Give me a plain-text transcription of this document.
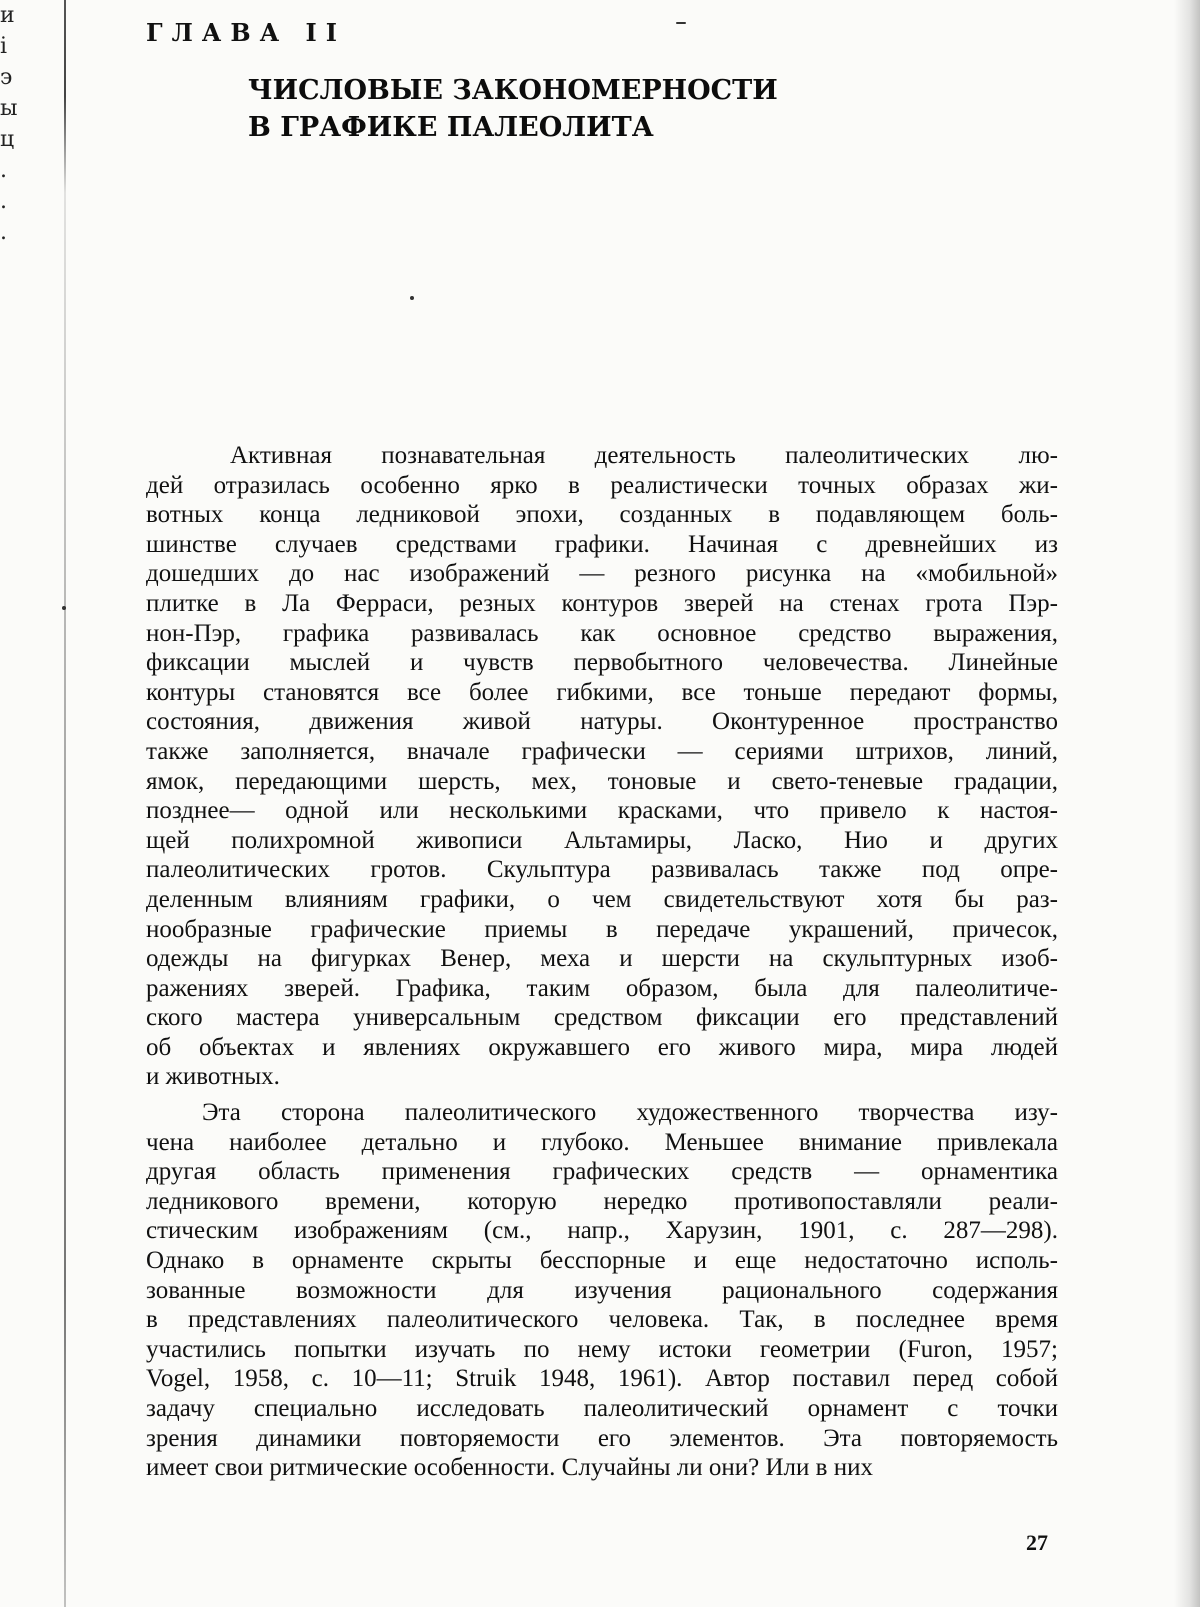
и
і
э
ы
ц
.
.
.
ГЛАВА II
ЧИСЛОВЫЕ ЗАКОНОМЕРНОСТИ
В ГРАФИКЕ ПАЛЕОЛИТА
Активная познавательная деятельность палеолитических лю-
дей отразилась особенно ярко в реалистически точных образах жи-
вотных конца ледниковой эпохи, созданных в подавляющем боль-
шинстве случаев средствами графики. Начиная с древнейших из
дошедших до нас изображений — резного рисунка на «мобильной»
плитке в Ла Ферраси, резных контуров зверей на стенах грота Пэр-
нон-Пэр, графика развивалась как основное средство выражения,
фиксации мыслей и чувств первобытного человечества. Линейные
контуры становятся все более гибкими, все тоньше передают формы,
состояния, движения живой натуры. Оконтуренное пространство
также заполняется, вначале графически — сериями штрихов, линий,
ямок, передающими шерсть, мех, тоновые и свето-теневые градации,
позднее— одной или несколькими красками, что привело к настоя-
щей полихромной живописи Альтамиры, Ласко, Нио и других
палеолитических гротов. Скульптура развивалась также под опре-
деленным влияниям графики, о чем свидетельствуют хотя бы раз-
нообразные графические приемы в передаче украшений, причесок,
одежды на фигурках Венер, меха и шерсти на скульптурных изоб-
ражениях зверей. Графика, таким образом, была для палеолитиче-
ского мастера универсальным средством фиксации его представлений
об объектах и явлениях окружавшего его живого мира, мира людей
и животных.
Эта сторона палеолитического художественного творчества изу-
чена наиболее детально и глубоко. Меньшее внимание привлекала
другая область применения графических средств — орнаментика
ледникового времени, которую нередко противопоставляли реали-
стическим изображениям (см., напр., Харузин, 1901, с. 287—298).
Однако в орнаменте скрыты бесспорные и еще недостаточно исполь-
зованные возможности для изучения рационального содержания
в представлениях палеолитического человека. Так, в последнее время
участились попытки изучать по нему истоки геометрии (Furon, 1957;
Vogel, 1958, с. 10—11; Struik 1948, 1961). Автор поставил перед собой
задачу специально исследовать палеолитический орнамент с точки
зрения динамики повторяемости его элементов. Эта повторяемость
имеет свои ритмические особенности. Случайны ли они? Или в них
27
